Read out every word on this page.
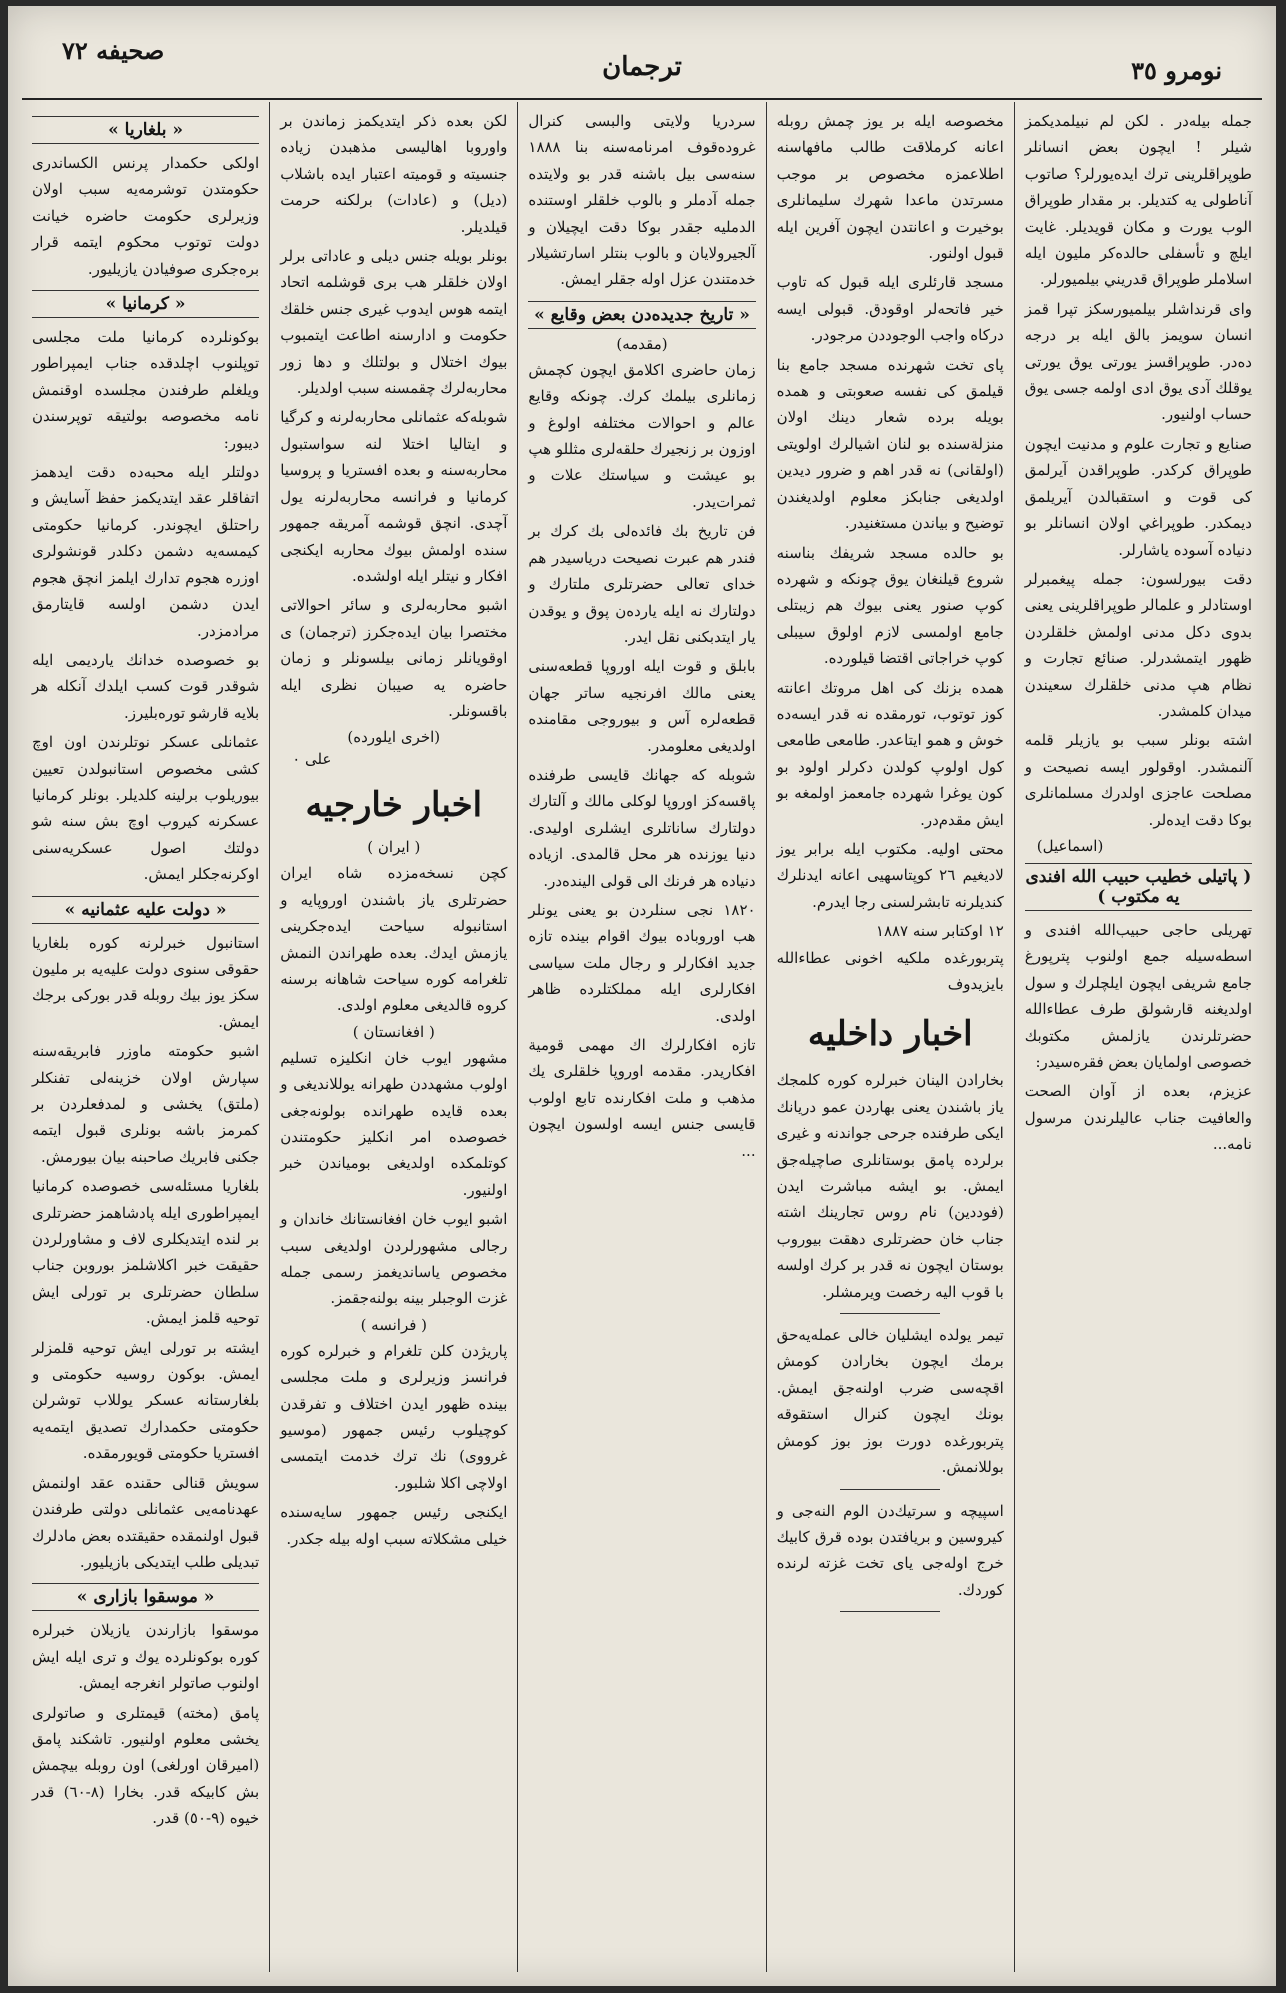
نومرو ٣٥
ترجمان
صحيفه ٧٢
جمله بيله‌در . لكن لم نبيلمديكمز شيلر ! ايچون بعض انسانلر طوپراقلرينى ترك ايده‌يورلر؟ صاتوب آناطولى يه كتديلر. بر مقدار طوپراق الوب يورت و مكان قويديلر. غايت ايلچ و تأسفلى حالده‌كر مليون ايله اسلاملر طوپراق قدريني بيلميورلر.
واى قرنداشلر بيلميورسكز تپرا قمز انسان سويمز بالق ايله بر درجه ده‌در. طوپراقسز يورتى يوق يورتى يوقلك آدى يوق ادى اولمه جسى يوق حساب اولنيور.
صنايع و تجارت علوم و مدنيت ايچون طوپراق كركدر. طوپراقدن آيرلمق كى قوت و استقبالدن آيريلمق ديمكدر. طوپراغي اولان انسانلر بو دنياده آسوده ياشارلر.
دقت بيورلسون: جمله پيغمبرلر اوستادلر و علمالر طوپراقلرينى يعنى بدوى دكل مدنى اولمش خلقلردن ظهور ايتمشدرلر. صنائع تجارت و نظام هپ مدنى خلقلرك سعيندن ميدان كلمشدر.
اشته بونلر سبب بو يازيلر قلمه آلنمشدر. اوقولور ايسه نصيحت و مصلحت عاجزى اولدرك مسلمانلرى بوكا دقت ايده‌لر.
(اسماعيل)
( پاتيلى خطيب حبيب الله افندى يه مكتوب )
تهريلى حاجى حبيب‌الله افندى و اسطه‌سيله جمع اولنوب پترپورغ جامع شريفى ايچون ايلچلرك و سول اولديغنه قارشولق طرف عطاءالله حضرتلرندن يازلمش مكتوبك خصوصى اولمايان بعض فقره‌سيدر:
عزيزم، بعده از آوان الصحت والعافيت جناب عاليلرندن مرسول نامه...
مخصوصه ايله بر يوز چمش روبله اعانه كرملاقت طالب مافهاسنه اطلاعمزه مخصوص بر موجب مسرتدن ماعدا شهرك سليمانلرى بوخيرت و اعانتدن ايچون آفرين ايله قبول اولنور.
مسجد قارئلرى ايله قبول كه تاوب خير فاتحه‌لر اوقودق. قبولى ايسه دركاه واجب الوجوددن مرجودر.
پاى تخت شهرنده مسجد جامع بنا قيلمق كى نفسه صعوبتى و همده بويله برده شعار دينك اولان منزلة‌سنده بو لنان اشيالرك اولويتى (اولقانى) نه قدر اهم و ضرور ديدين اولديغى جنابكز معلوم اولديغندن توضيح و بياندن مستغنيدر.
بو حالده مسجد شريفك بناسنه شروع قيلنغان يوق چونكه و شهرده كوپ صنور يعنى بيوك هم زيبتلى جامع اولمسى لازم اولوق سيبلى كوپ خراجاتى اقتضا قيلورده.
همده بزنك كى اهل مروتك اعانته كوز توتوب، تورمقده نه قدر ايسه‌ده خوش و همو ايتاعدر. طامعى طامعى كول اولوپ كولدن دكرلر اولود بو كون يوغرا شهرده جامعمز اولمغه بو ايش مقدم‌در.
محتى اوليه. مكتوب ايله برابر يوز لاديغيم ٢٦ كوپتاسهيى اعانه ايدنلرك كنديلرنه تابشرلسنى رجا ايدرم.
١٢ اوكتابر سنه ١٨٨٧
پتربورغده ملكيه اخونى عطاءالله بايزيدوف
اخبار داخليه
بخارادن الينان خبرلره كوره كلمجك ياز باشندن يعنى بهاردن عمو دريانك ايكى طرفنده جرحى جواندنه و غيرى برلرده پامق بوستانلرى صاچيله‌جق ايمش. بو ايشه مباشرت ايدن (فوددين) نام روس تجارينك اشته جناب خان حضرتلرى دهقت بيوروب بوستان ايچون نه قدر بر كرك اولسه با قوب اليه رخصت ويرمشلر.
تيمر يولده ايشليان خالى عمله‌يه‌حق برمك ايچون بخارادن كومش اقچه‌سى ضرب اولنه‌جق ايمش. بونك ايچون كنرال استقوقه پتربورغده دورت بوز بوز كومش بوللانمش.
اسپيچه و سرتيك‌دن الوم النه‌جى و كيروسين و بريافتدن بوده قرق كابيك خرج اوله‌جى ياى تخت غزته لرنده كوردك.
سردريا ولايتى والبسى كنرال غروده‌قوف امرنامه‌سنه بنا ١٨٨٨ سنه‌سى بيل باشنه قدر بو ولايتده جمله آدملر و بالوب خلقلر اوستنده الدمليه جقدر بوكا دقت ايچيلان و آلجيرولايان و بالوب بنتلر اسارتشيلار خدمتندن عزل اوله جقلر ايمش.
« تاريخ جديده‌دن بعض وقايع »
(مقدمه)
زمان حاضرى اكلامق ايچون كچمش زمانلرى بيلمك كرك. چونكه وقايع عالم و احوالات مختلفه اولوغ و اوزون بر زنجيرك حلقه‌لرى مثللو هپ بو عيشت و سياستك علات و ثمرات‌يدر.
فن تاريخ بك فائده‌لى بك كرك بر فندر هم عبرت نصيحت درياسيدر هم خداى تعالى حضرتلرى ملتارك و دولتارك نه ايله يارده‌ن پوق و يوقدن يار ايتدبكنى نقل ايدر.
بابلق و قوت ايله اوروپا قطعه‌سنى يعنى مالك افرنجيه ساتر جهان قطعه‌لره آس و بيوروجى مقامنده اولديغى معلومدر.
شوبله كه جهانك قايسى طرفنده پاقسه‌كز اوروپا لوكلى مالك و آلتارك دولتارك ساناتلرى ايشلرى اوليدى. دنيا يوزنده هر محل قالمدى. ازياده دنياده هر فرنك الى قولى الينده‌در.
١٨٢٠ نجى سنلردن بو يعنى يونلر هب اوروباده بيوك اقوام بينده تازه جديد افكارلر و رجال ملت سياسى افكارلرى ايله مملكتلرده ظاهر اولدى.
تازه افكارلرك اك مهمى قومية افكاريدر. مقدمه اوروپا خلقلرى يك مذهب و ملت افكارنده تابع اولوب قايسى جنس ايسه اولسون ايچون ...
لكن بعده ذكر ايتديكمز زماندن بر واوروبا اهاليسى مذهبدن زياده جنسيته و قوميته اعتبار ايده باشلاب (ديل) و (عادات) برلكنه حرمت قيلديلر.
بونلر بويله جنس ديلى و عاداتى برلر اولان خلقلر هب برى قوشلمه اتحاد ايتمه هوس ايدوب غيرى جنس خلقك حكومت و ادارسنه اطاعت ايتمبوب بيوك اختلال و بولتلك و دها زور محاربه‌لرك چقمسنه سبب اولديلر.
شوبله‌كه عثمانلى محاربه‌لرنه و كرگيا و ايتاليا اختلا لنه سواستبول محاربه‌سنه و بعده افستريا و پروسيا كرمانيا و فرانسه محاربه‌لرنه يول آچدى. انچق قوشمه آمريقه جمهور سنده اولمش بيوك محاربه ايكنجى افكار و نيتلر ايله اولشده.
اشبو محاربه‌لرى و سائر احوالاتى مختصرا بيان ايده‌جكرز (ترجمان) ى اوقويانلر زمانى بيلسونلر و زمان حاضره يه صيبان نظرى ايله باقسونلر.
(اخرى ايلورده)
على ٠
اخبار خارجيه
( ايران )
كچن نسخه‌مزده شاه ايران حضرتلرى ياز باشندن اوروپايه و استانبوله سياحت ايده‌جكرينى يازمش ايدك. بعده طهراندن النمش تلغرامه كوره سياحت شاهانه برسنه كروه قالديغى معلوم اولدى.
( افغانستان )
مشهور ايوب خان انكليزه تسليم اولوب مشهددن طهرانه يوللانديغى و بعده قايده طهرانده بولونه‌جغى خصوصده امر انكليز حكومتندن كوتلمكده اولديغى بومياندن خبر اولنيور.
اشبو ايوب خان افغانستانك خاندان و رجالى مشهورلردن اولديغى سبب مخصوص ياسانديغمز رسمى جمله غزت الوجبلر بينه بولنه‌جقمز.
( فرانسه )
پاريژدن كلن تلغرام و خبرلره كوره فرانسز وزيرلرى و ملت مجلسى بينده ظهور ايدن اختلاف و تفرقدن كوچيلوب رئيس جمهور (موسيو غرووى) نك ترك خدمت ايتمسى اولاچى اكلا شلبور.
ايكنجى رئيس جمهور سايه‌سنده خيلى مشكلاته سبب اوله بيله جكدر.
« بلغاريا »
اولكى حكمدار پرنس الكساندرى حكومتدن توشرمه‌يه سبب اولان وزيرلرى حكومت حاضره خيانت دولت توتوب محكوم ايتمه قرار بره‌جكرى صوفيادن يازيليور.
« كرمانيا »
بوكونلرده كرمانيا ملت مجلسى توپلنوب اچلدقده جناب ايمپراطور ويلغلم طرفندن مجلسده اوقنمش نامه مخصوصه بولتيقه توپرسندن ديبور:
دولتلر ايله محبه‌ده دقت ايدهمز اتفاقلر عقد ايتديكمز حفظ آسايش و راحتلق ايچوندر. كرمانيا حكومتى كيمسه‌يه دشمن دكلدر قونشولرى اوزره هجوم تدارك ايلمز انچق هجوم ايدن دشمن اولسه قايتارمق مرادمزدر.
بو خصوصده خدانك يارديمى ايله شوقدر قوت كسب ايلدك آنكله هر بلايه قارشو توره‌بليرز.
عثمانلى عسكر نوتلرندن اون اوچ كشى مخصوص استانبولدن تعيين بيوريلوب برلينه كلديلر. بونلر كرمانيا عسكرنه كيروب اوچ بش سنه شو دولتك اصول عسكريه‌سنى اوكرنه‌جكلر ايمش.
« دولت عليه عثمانيه »
استانبول خبرلرنه كوره بلغاريا حقوقى سنوى دولت عليه‌يه بر مليون سكز يوز بيك روبله قدر بوركى برجك ايمش.
اشبو حكومته ماوزر فابريقه‌سنه سپارش اولان خزينه‌لى تفنكلر (ملتق) يخشى و لمدفعلردن بر كمرمز باشه بونلرى قبول ايتمه جكنى فابريك صاحبنه بيان بيورمش.
بلغاريا مسئله‌سى خصوصده كرمانيا ايمپراطورى ايله پادشاهمز حضرتلرى بر لنده ايتديكلرى لاف و مشاورلردن حقيقت خبر اكلاشلمز بوروبن جناب سلطان حضرتلرى بر تورلى ايش توحيه قلمز ايمش.
ايشته بر تورلى ايش توحيه قلمزلر ايمش. بوكون روسيه حكومتى و بلغارستانه عسكر يوللاب توشرلن حكومتى حكمدارك تصديق ايتمه‌يه افستريا حكومتى قويورمقده.
سويش قنالى حقنده عقد اولنمش عهدنامه‌يى عثمانلى دولتى طرفندن قبول اولنمقده حقيقتده بعض مادلرك تبديلى طلب ايتديكى بازيليور.
« موسقوا بازارى »
موسقوا بازارندن يازيلان خبرلره كوره بوكونلرده يوك و ترى ايله ايش اولنوب صاتولر انغرجه ايمش.
پامق (مخته) قيمتلرى و صاتولرى يخشى معلوم اولنيور. تاشكند پامق (اميرقان اورلغى) اون روبله بيچمش بش كابيكه قدر. بخارا (٨-٦٠) قدر خيوه (٩-٥٠) قدر.
